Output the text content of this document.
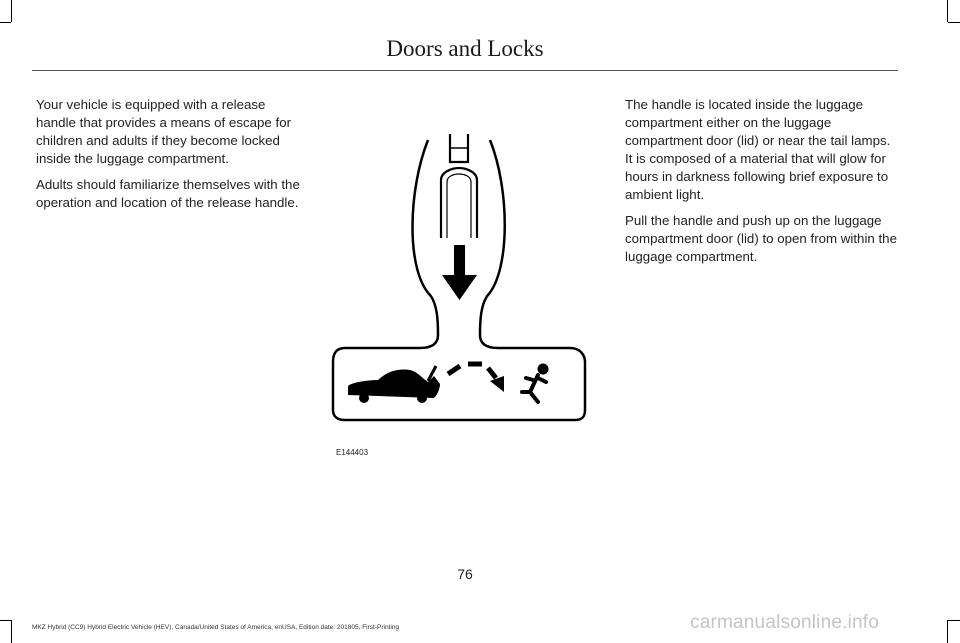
Doors and Locks

Your vehicle is equipped with a release handle that provides a means of escape for children and adults if they become locked inside the luggage compartment.

Adults should familiarize themselves with the operation and location of the release handle.

E144403

The handle is located inside the luggage compartment either on the luggage compartment door (lid) or near the tail lamps. It is composed of a material that will glow for hours in darkness following brief exposure to ambient light.

Pull the handle and push up on the luggage compartment door (lid) to open from within the luggage compartment.

76
MKZ Hybrid (CC9) Hybrid Electric Vehicle (HEV), Canada/United States of America, enUSA, Edition date: 201805, First-Printing	carmanualsonline.info
